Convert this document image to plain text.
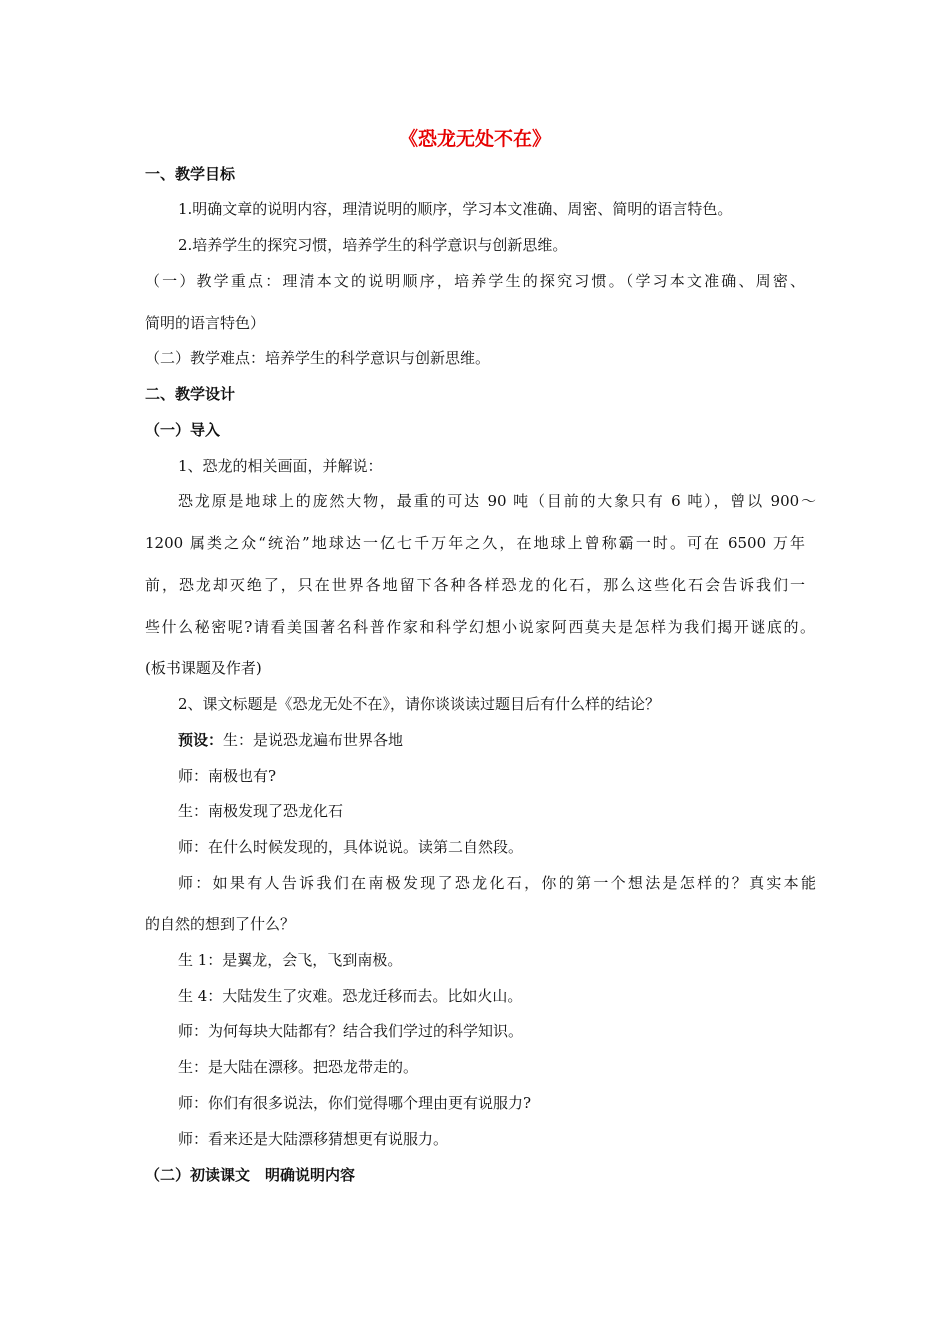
《恐龙无处不在》
一、教学目标
1.明确文章的说明内容，理清说明的顺序，学习本文准确、周密、简明的语言特色。
2.培养学生的探究习惯，培养学生的科学意识与创新思维。
（一）教学重点：理清本文的说明顺序，培养学生的探究习惯。（学习本文准确、周密、
简明的语言特色）
（二）教学难点：培养学生的科学意识与创新思维。
二、教学设计
（一）导入
1、恐龙的相关画面，并解说：
恐龙原是地球上的庞然大物，最重的可达 90 吨（目前的大象只有 6 吨），曾以 900～
1200 属类之众“统治”地球达一亿七千万年之久，在地球上曾称霸一时。可在 6500 万年
前，恐龙却灭绝了，只在世界各地留下各种各样恐龙的化石，那么这些化石会告诉我们一
些什么秘密呢?请看美国著名科普作家和科学幻想小说家阿西莫夫是怎样为我们揭开谜底的。
(板书课题及作者)
2、课文标题是《恐龙无处不在》，请你谈谈读过题目后有什么样的结论？
预设：生：是说恐龙遍布世界各地
师：南极也有?
生：南极发现了恐龙化石
师：在什么时候发现的，具体说说。读第二自然段。
师：如果有人告诉我们在南极发现了恐龙化石，你的第一个想法是怎样的？真实本能
的自然的想到了什么？
生 1：是翼龙，会飞，飞到南极。
生 4：大陆发生了灾难。恐龙迁移而去。比如火山。
师：为何每块大陆都有？结合我们学过的科学知识。
生：是大陆在漂移。把恐龙带走的。
师：你们有很多说法，你们觉得哪个理由更有说服力?
师：看来还是大陆漂移猜想更有说服力。
（二）初读课文　明确说明内容
